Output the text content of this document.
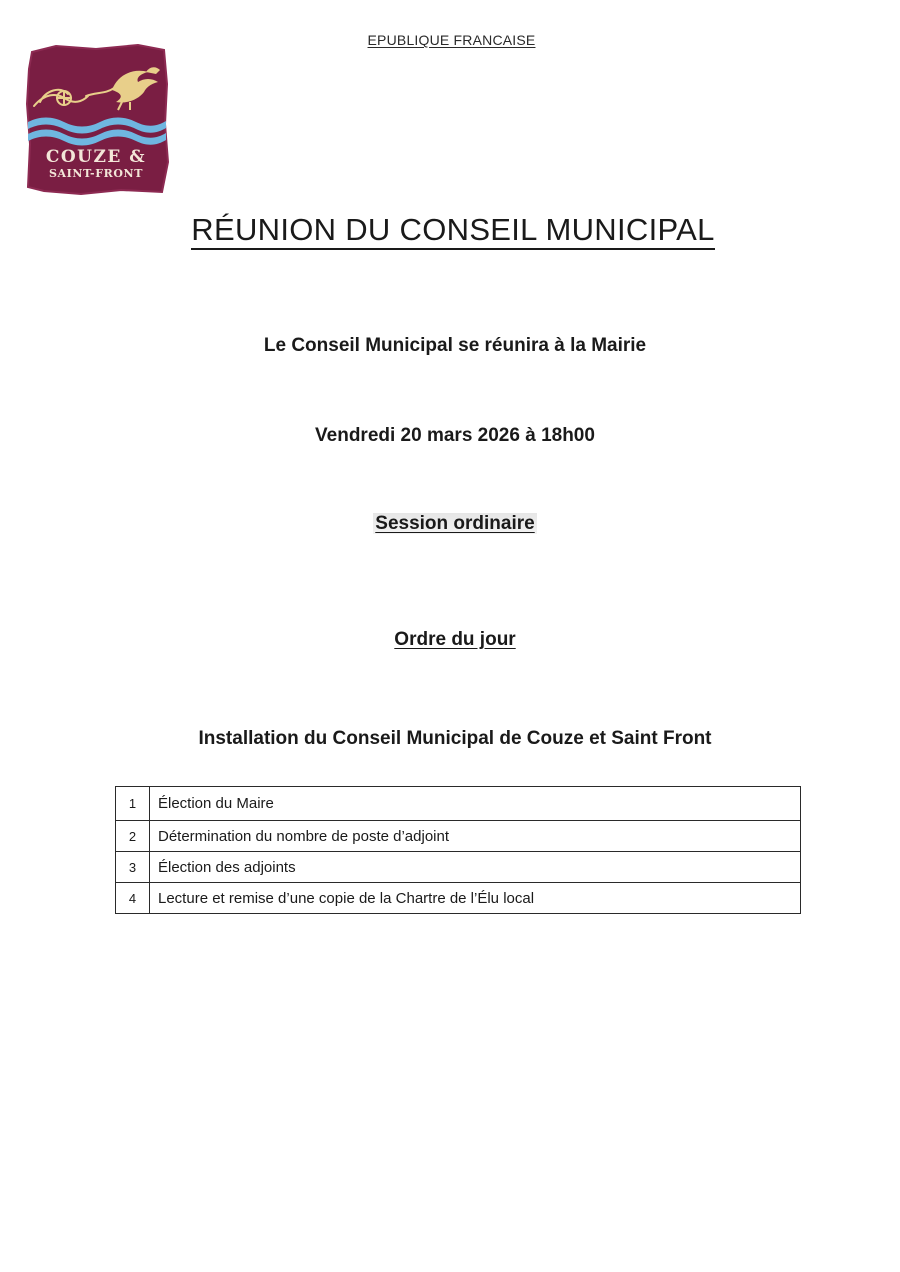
EPUBLIQUE FRANCAISE
COUZE &
SAINT-FRONT
RÉUNION DU CONSEIL MUNICIPAL
Le Conseil Municipal se réunira à la Mairie
Vendredi 20 mars 2026 à 18h00
Session ordinaire
Ordre du jour
Installation du Conseil Municipal de Couze et Saint Front
1	Élection du Maire
2	Détermination du nombre de poste d’adjoint
3	Élection des adjoints
4	Lecture et remise d’une copie de la Chartre de l’Élu local
